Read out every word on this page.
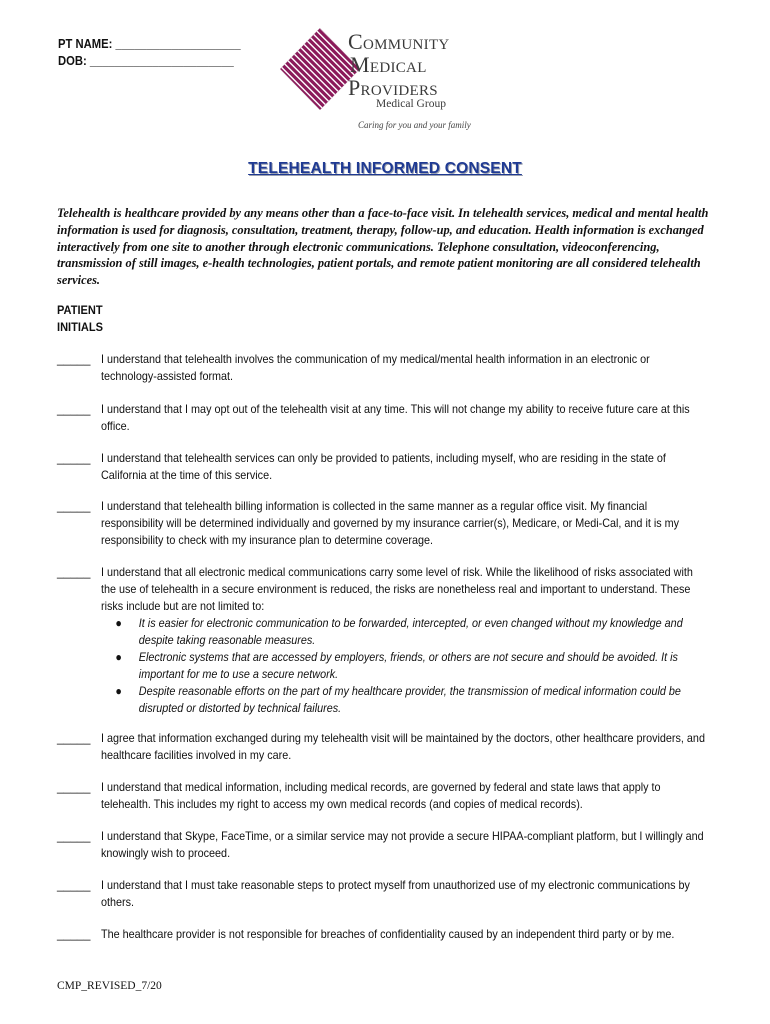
PT NAME: ____________________
DOB: _______________________
Community
Medical
Providers
Medical Group
Caring for you and your family
TELEHEALTH INFORMED CONSENT
Telehealth is healthcare provided by any means other than a face-to-face visit. In telehealth services, medical and mental health information is used for diagnosis, consultation, treatment, therapy, follow-up, and education. Health information is exchanged interactively from one site to another through electronic communications. Telephone consultation, videoconferencing, transmission of still images, e-health technologies, patient portals, and remote patient monitoring are all considered telehealth services.
PATIENT
INITIALS
_____ I understand that telehealth involves the communication of my medical/mental health information in an electronic or technology-assisted format.
_____ I understand that I may opt out of the telehealth visit at any time. This will not change my ability to receive future care at this office.
_____ I understand that telehealth services can only be provided to patients, including myself, who are residing in the state of California at the time of this service.
_____ I understand that telehealth billing information is collected in the same manner as a regular office visit. My financial responsibility will be determined individually and governed by my insurance carrier(s), Medicare, or Medi-Cal, and it is my responsibility to check with my insurance plan to determine coverage.
_____ I understand that all electronic medical communications carry some level of risk. While the likelihood of risks associated with the use of telehealth in a secure environment is reduced, the risks are nonetheless real and important to understand. These risks include but are not limited to:
● It is easier for electronic communication to be forwarded, intercepted, or even changed without my knowledge and despite taking reasonable measures.
● Electronic systems that are accessed by employers, friends, or others are not secure and should be avoided. It is important for me to use a secure network.
● Despite reasonable efforts on the part of my healthcare provider, the transmission of medical information could be disrupted or distorted by technical failures.
_____ I agree that information exchanged during my telehealth visit will be maintained by the doctors, other healthcare providers, and healthcare facilities involved in my care.
_____ I understand that medical information, including medical records, are governed by federal and state laws that apply to telehealth. This includes my right to access my own medical records (and copies of medical records).
_____ I understand that Skype, FaceTime, or a similar service may not provide a secure HIPAA-compliant platform, but I willingly and knowingly wish to proceed.
_____ I understand that I must take reasonable steps to protect myself from unauthorized use of my electronic communications by others.
_____ The healthcare provider is not responsible for breaches of confidentiality caused by an independent third party or by me.
CMP_REVISED_7/20
